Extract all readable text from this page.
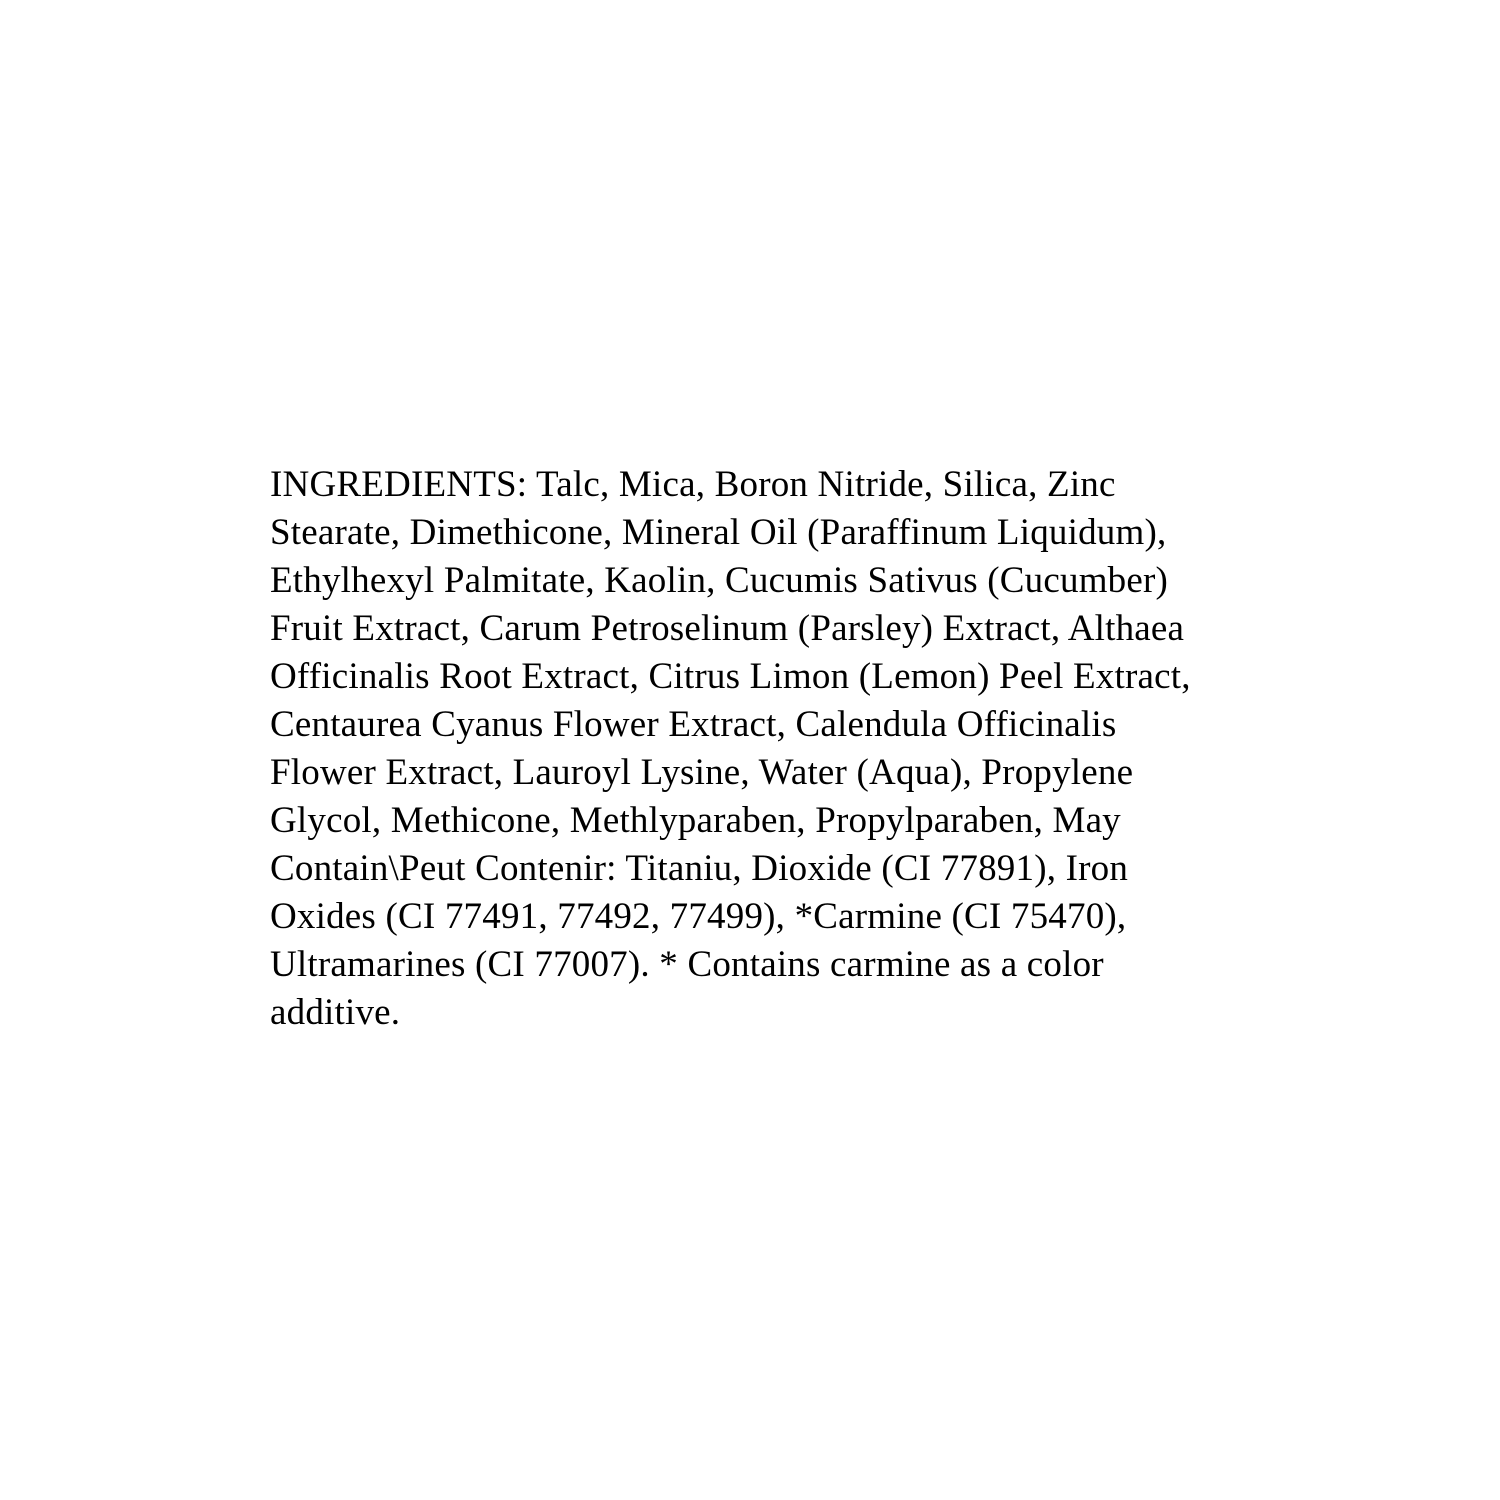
INGREDIENTS: Talc, Mica, Boron Nitride, Silica, Zinc
Stearate, Dimethicone, Mineral Oil (Paraffinum Liquidum),
Ethylhexyl Palmitate, Kaolin, Cucumis Sativus (Cucumber)
Fruit Extract, Carum Petroselinum (Parsley) Extract, Althaea
Officinalis Root Extract, Citrus Limon (Lemon) Peel Extract,
Centaurea Cyanus Flower Extract, Calendula Officinalis
Flower Extract, Lauroyl Lysine, Water (Aqua), Propylene
Glycol, Methicone, Methlyparaben, Propylparaben, May
Contain\Peut Contenir: Titaniu, Dioxide (CI 77891), Iron
Oxides (CI 77491, 77492, 77499), *Carmine (CI 75470),
Ultramarines (CI 77007). * Contains carmine as a color
additive.
